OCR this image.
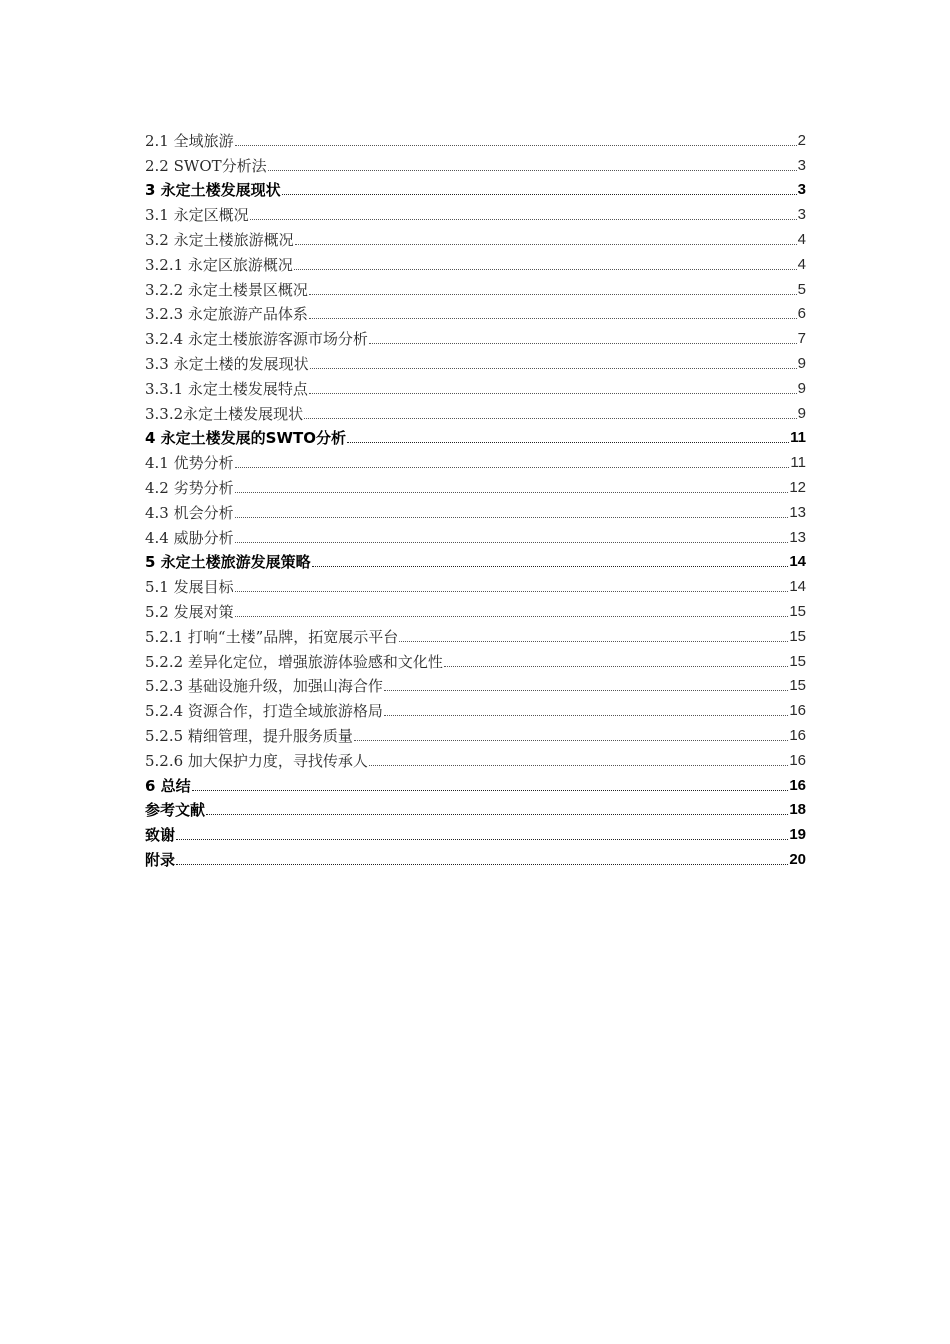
2.1 全域旅游	2
2.2 SWOT分析法	3
3 永定土楼发展现状	3
3.1 永定区概况	3
3.2 永定土楼旅游概况	4
3.2.1 永定区旅游概况	4
3.2.2 永定土楼景区概况	5
3.2.3 永定旅游产品体系	6
3.2.4 永定土楼旅游客源市场分析	7
3.3 永定土楼的发展现状	9
3.3.1 永定土楼发展特点	9
3.3.2永定土楼发展现状	9
4 永定土楼发展的SWTO分析	11
4.1 优势分析	11
4.2 劣势分析	12
4.3 机会分析	13
4.4 威胁分析	13
5 永定土楼旅游发展策略	14
5.1 发展目标	14
5.2 发展对策	15
5.2.1 打响“土楼”品牌，拓宽展示平台	15
5.2.2 差异化定位，增强旅游体验感和文化性	15
5.2.3 基础设施升级，加强山海合作	15
5.2.4 资源合作，打造全域旅游格局	16
5.2.5 精细管理，提升服务质量	16
5.2.6 加大保护力度，寻找传承人	16
6 总结	16
参考文献	18
致谢	19
附录	20
